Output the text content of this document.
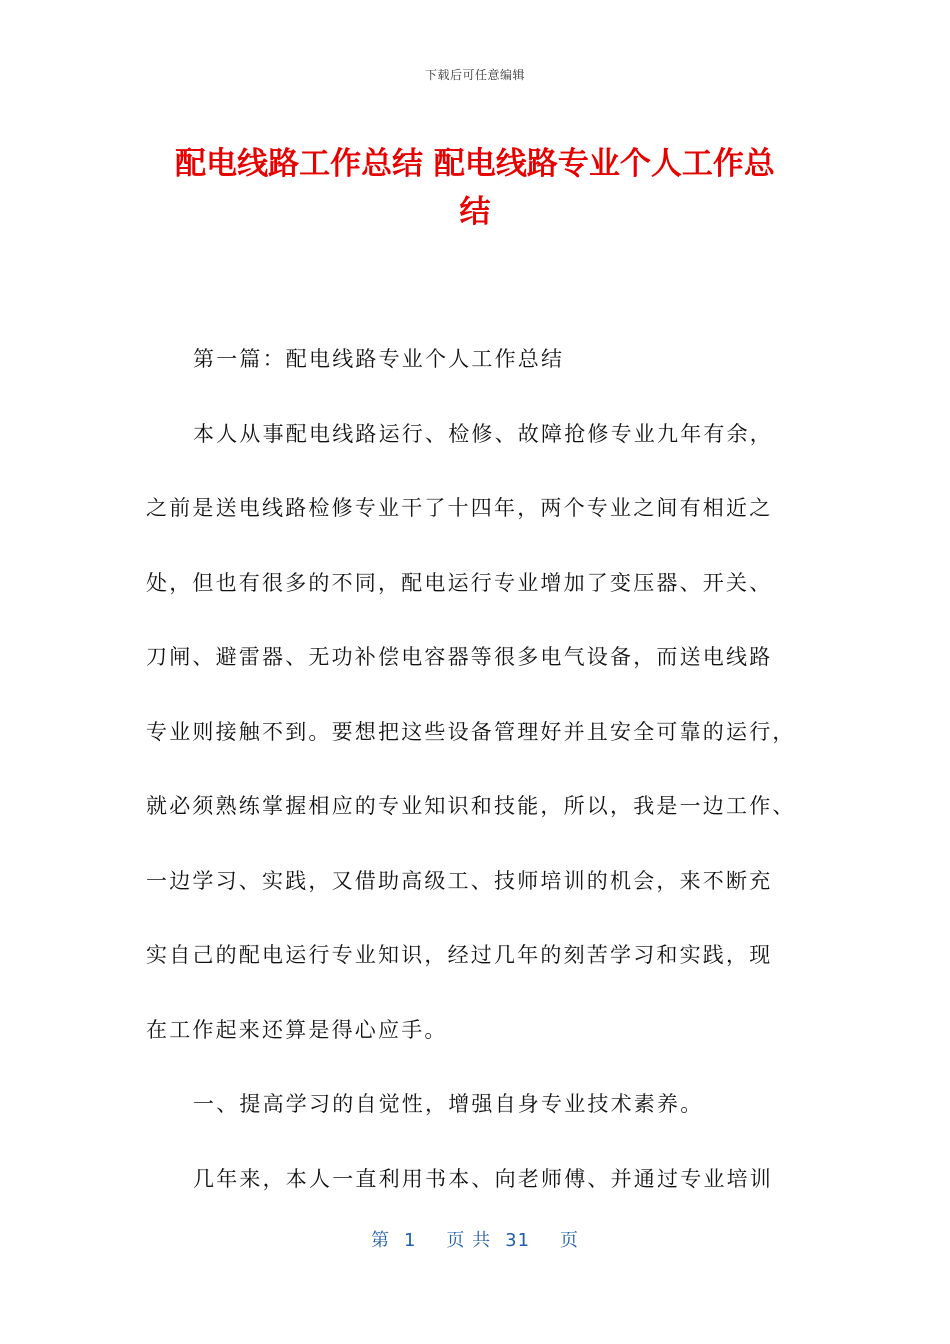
下载后可任意编辑
配电线路工作总结 配电线路专业个人工作总
结

第一篇：配电线路专业个人工作总结

本人从事配电线路运行、检修、故障抢修专业九年有余，

之前是送电线路检修专业干了十四年，两个专业之间有相近之

处，但也有很多的不同，配电运行专业增加了变压器、开关、

刀闸、避雷器、无功补偿电容器等很多电气设备，而送电线路

专业则接触不到。要想把这些设备管理好并且安全可靠的运行，

就必须熟练掌握相应的专业知识和技能，所以，我是一边工作、

一边学习、实践，又借助高级工、技师培训的机会，来不断充

实自己的配电运行专业知识，经过几年的刻苦学习和实践，现

在工作起来还算是得心应手。

一、提高学习的自觉性，增强自身专业技术素养。

几年来，本人一直利用书本、向老师傅、并通过专业培训

第 1 页 共 31 页
